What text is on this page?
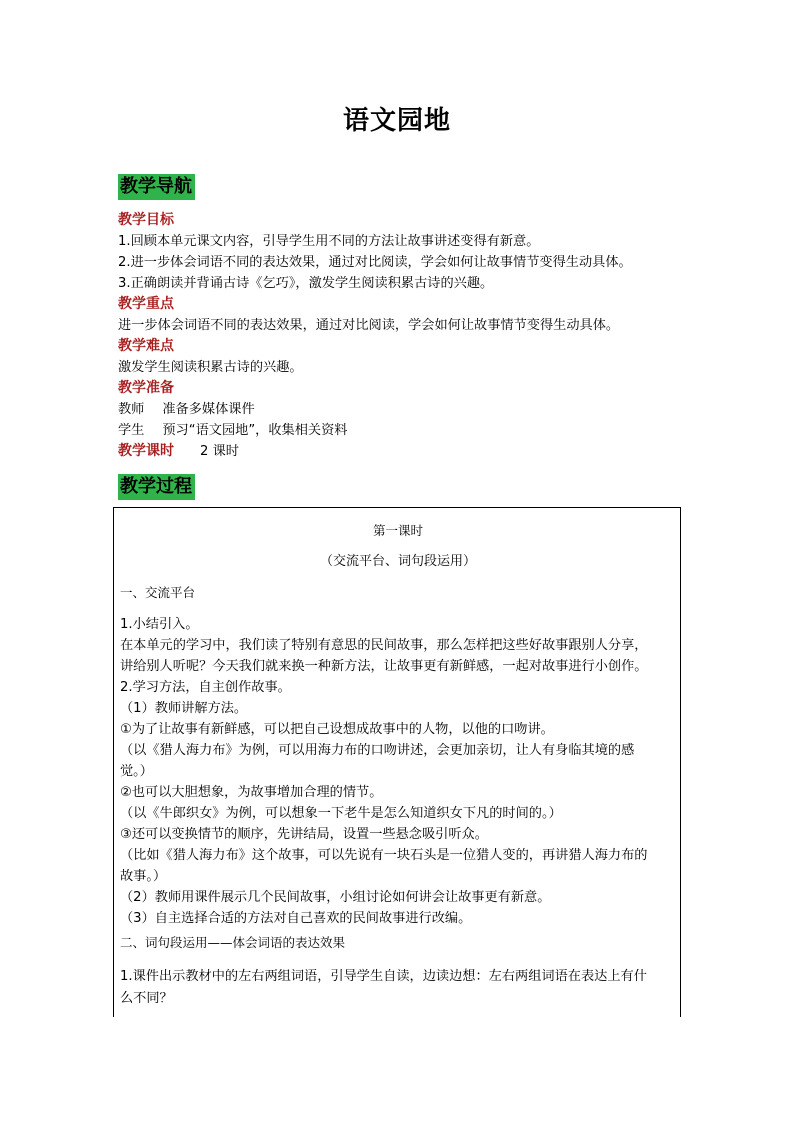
语文园地
教学导航
教学目标
1.回顾本单元课文内容，引导学生用不同的方法让故事讲述变得有新意。
2.进一步体会词语不同的表达效果，通过对比阅读，学会如何让故事情节变得生动具体。
3.正确朗读并背诵古诗《乞巧》，激发学生阅读积累古诗的兴趣。
教学重点
进一步体会词语不同的表达效果，通过对比阅读，学会如何让故事情节变得生动具体。
教学难点
激发学生阅读积累古诗的兴趣。
教学准备
教师 准备多媒体课件
学生 预习“语文园地”，收集相关资料
教学课时 2 课时
教学过程
第一课时
（交流平台、词句段运用）
一、交流平台
1.小结引入。
在本单元的学习中，我们读了特别有意思的民间故事，那么怎样把这些好故事跟别人分享，
讲给别人听呢？今天我们就来换一种新方法，让故事更有新鲜感，一起对故事进行小创作。
2.学习方法，自主创作故事。
（1）教师讲解方法。
①为了让故事有新鲜感，可以把自己设想成故事中的人物，以他的口吻讲。
（以《猎人海力布》为例，可以用海力布的口吻讲述，会更加亲切，让人有身临其境的感
觉。）
②也可以大胆想象，为故事增加合理的情节。
（以《牛郎织女》为例，可以想象一下老牛是怎么知道织女下凡的时间的。）
③还可以变换情节的顺序，先讲结局，设置一些悬念吸引听众。
（比如《猎人海力布》这个故事，可以先说有一块石头是一位猎人变的，再讲猎人海力布的
故事。）
（2）教师用课件展示几个民间故事，小组讨论如何讲会让故事更有新意。
（3）自主选择合适的方法对自己喜欢的民间故事进行改编。
二、词句段运用——体会词语的表达效果
1.课件出示教材中的左右两组词语，引导学生自读，边读边想：左右两组词语在表达上有什
么不同？
